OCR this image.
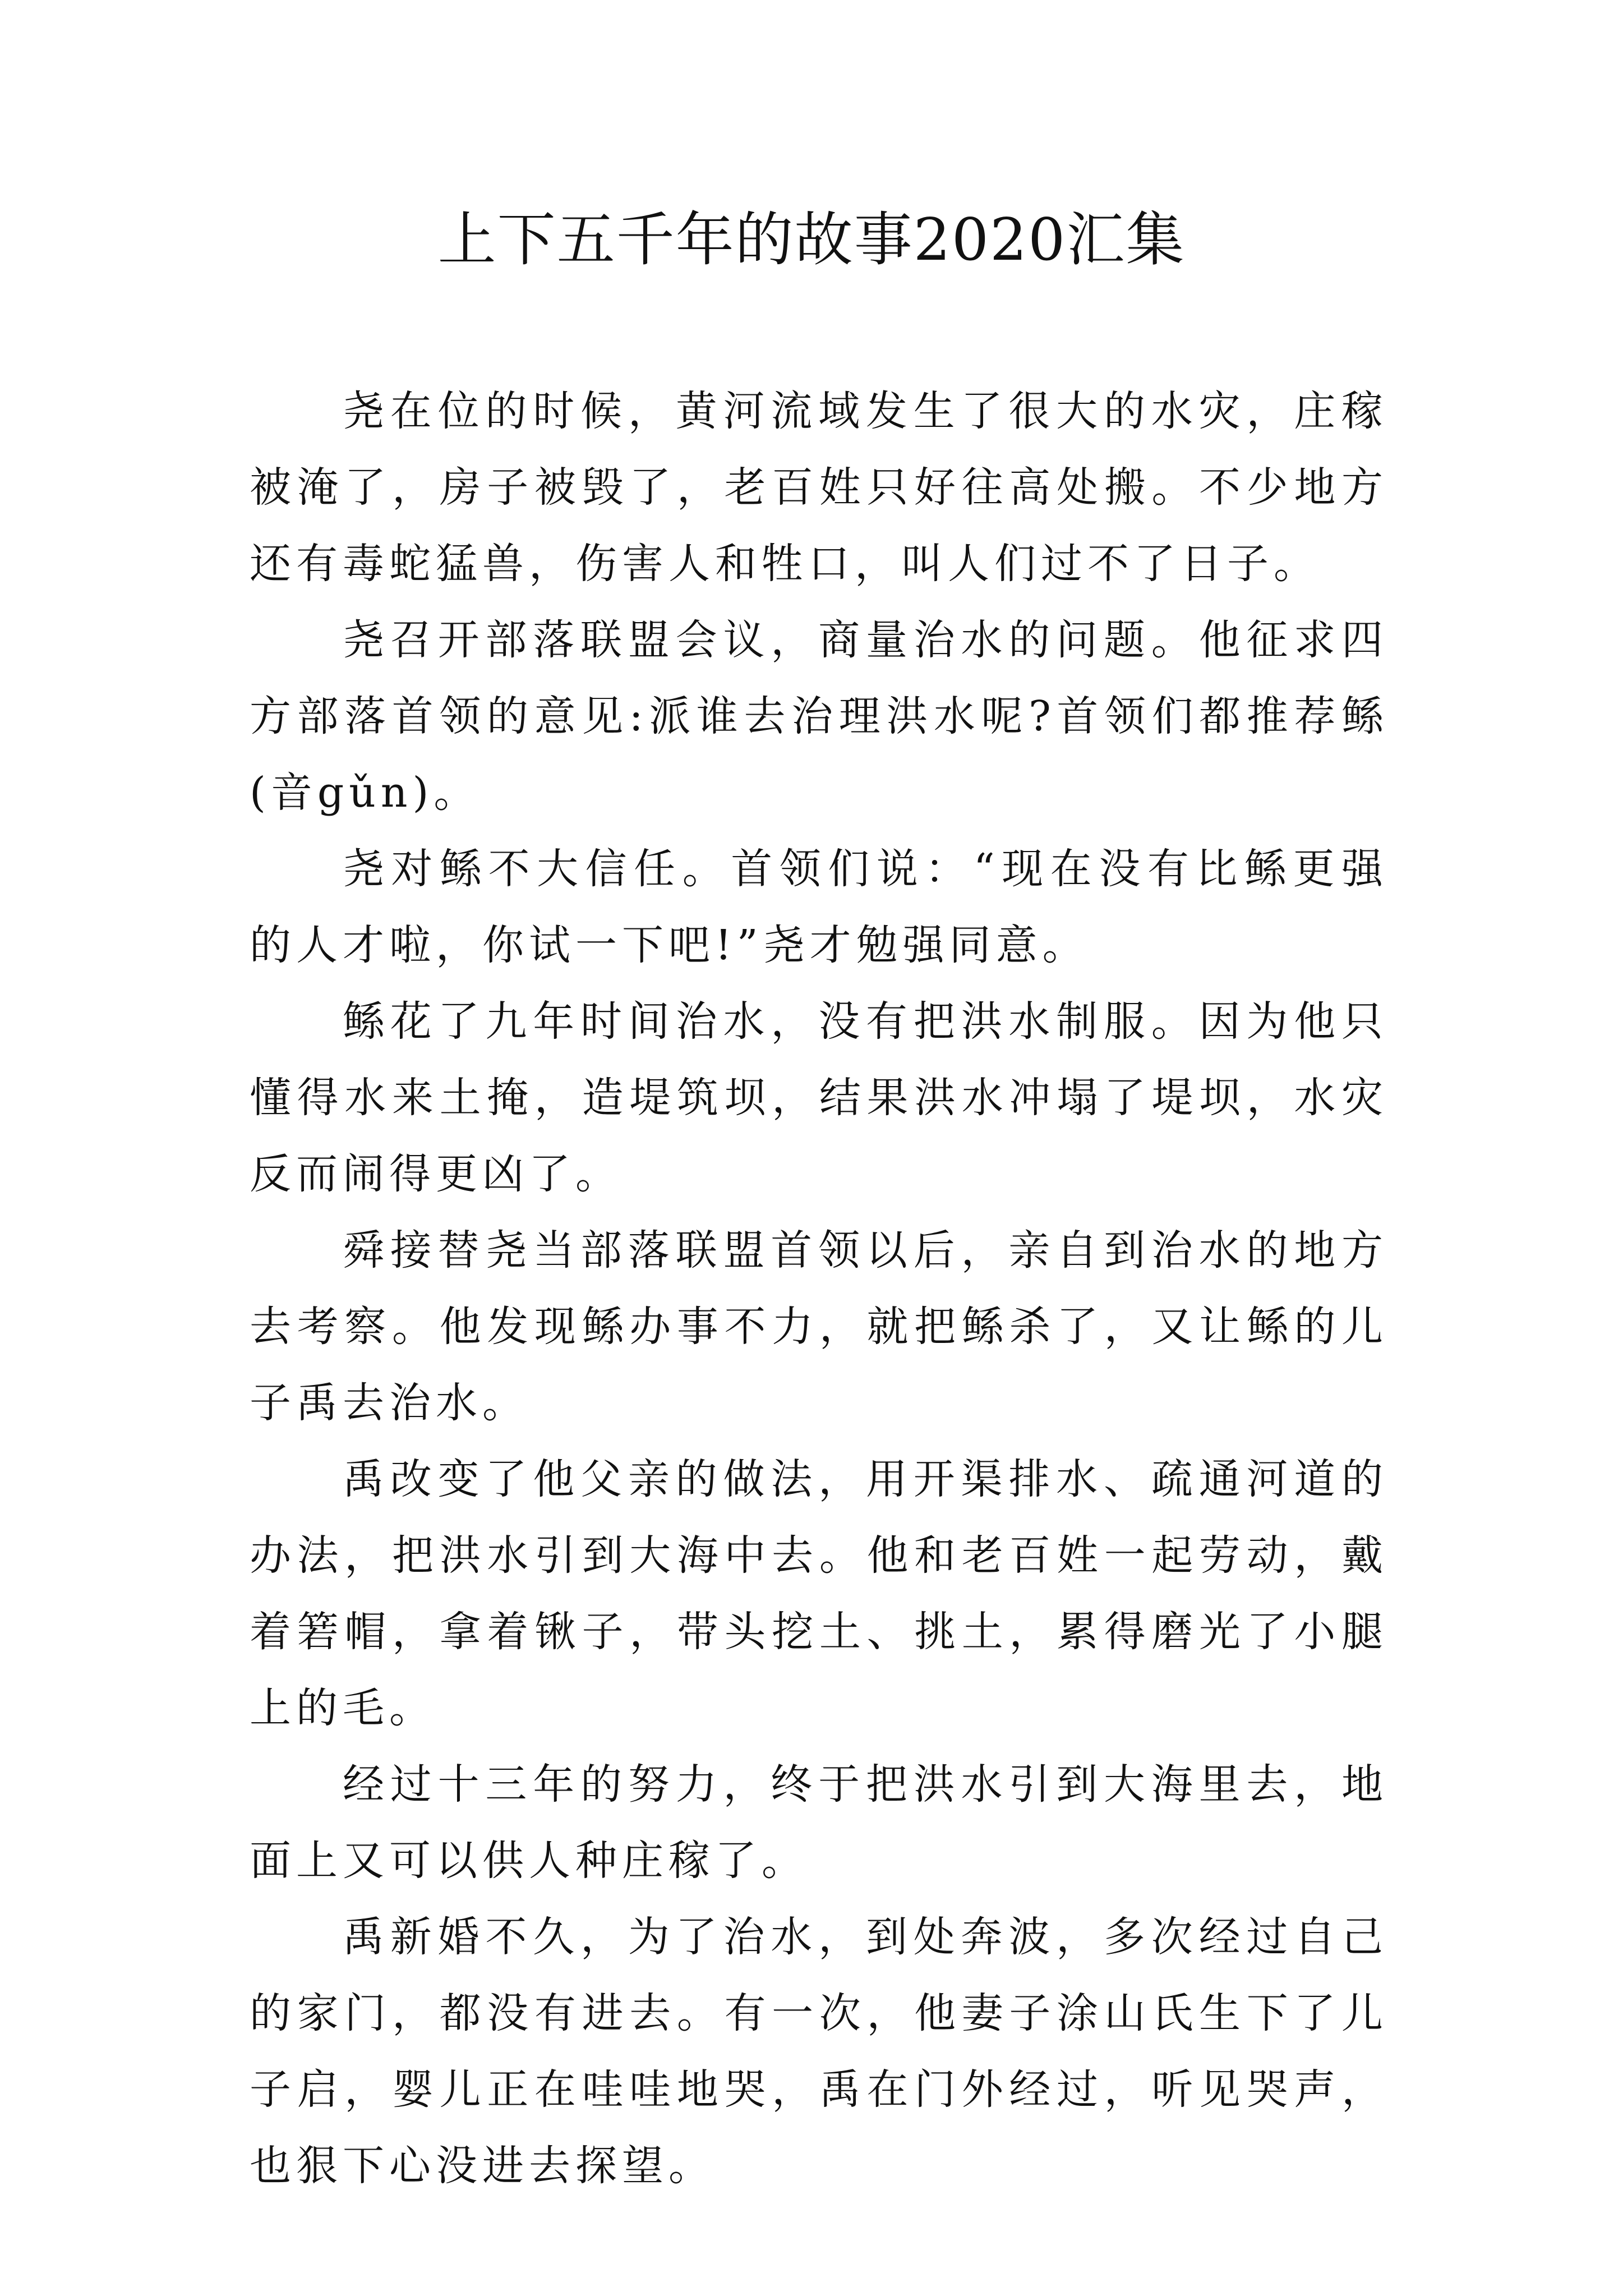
上下五千年的故事2020汇集

尧在位的时候，黄河流域发生了很大的水灾，庄稼被淹了，房子被毁了，老百姓只好往高处搬。不少地方还有毒蛇猛兽，伤害人和牲口，叫人们过不了日子。

尧召开部落联盟会议，商量治水的问题。他征求四方部落首领的意见:派谁去治理洪水呢?首领们都推荐鲧(音gǔn)。

尧对鲧不大信任。首领们说：“现在没有比鲧更强的人才啦，你试一下吧!”尧才勉强同意。

鲧花了九年时间治水，没有把洪水制服。因为他只懂得水来土掩，造堤筑坝，结果洪水冲塌了堤坝，水灾反而闹得更凶了。

舜接替尧当部落联盟首领以后，亲自到治水的地方去考察。他发现鲧办事不力，就把鲧杀了，又让鲧的儿子禹去治水。

禹改变了他父亲的做法，用开渠排水、疏通河道的办法，把洪水引到大海中去。他和老百姓一起劳动，戴着箬帽，拿着锹子，带头挖土、挑土，累得磨光了小腿上的毛。

经过十三年的努力，终于把洪水引到大海里去，地面上又可以供人种庄稼了。

禹新婚不久，为了治水，到处奔波，多次经过自己的家门，都没有进去。有一次，他妻子涂山氏生下了儿子启，婴儿正在哇哇地哭，禹在门外经过，听见哭声，也狠下心没进去探望。
